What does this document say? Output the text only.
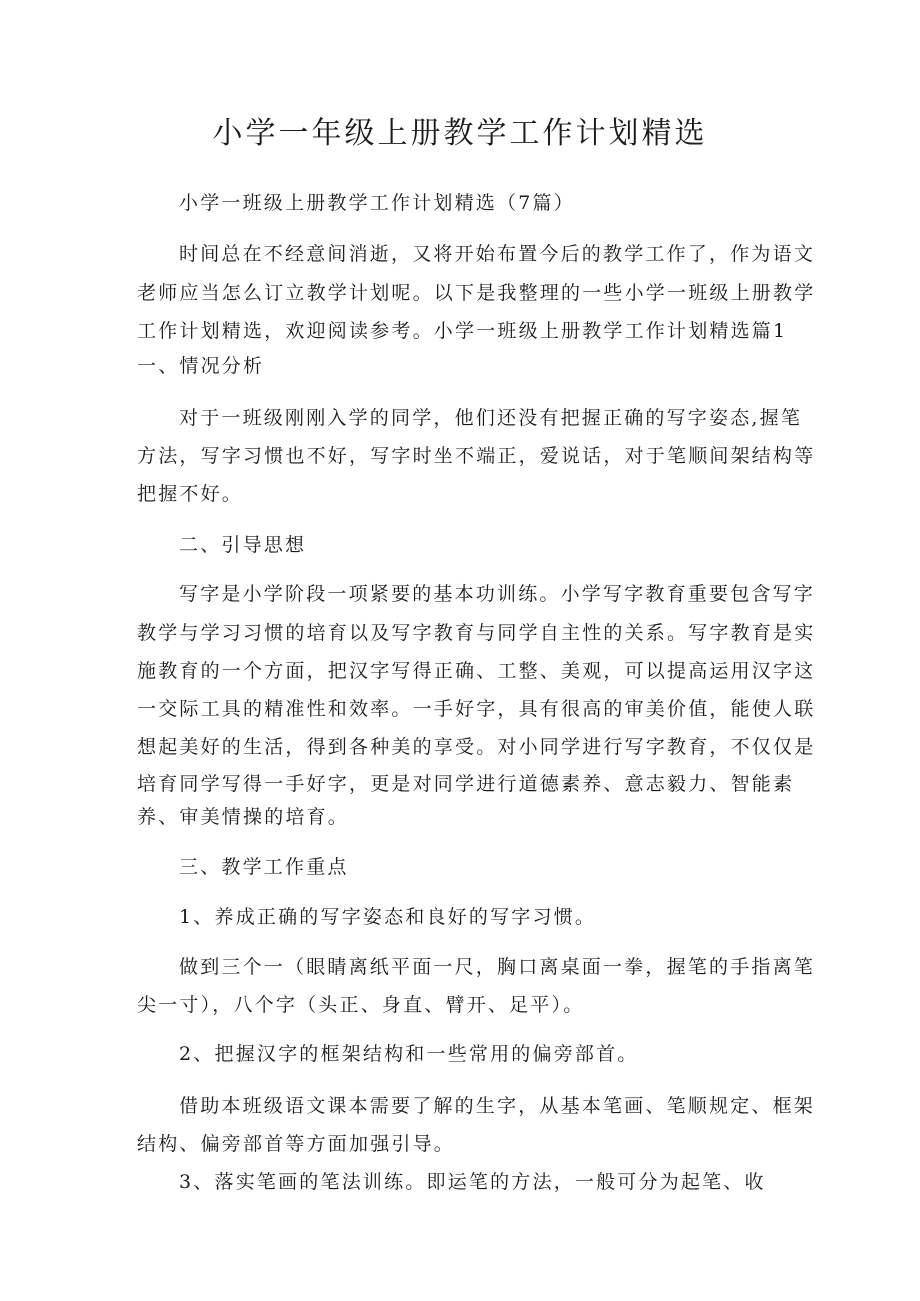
小学一年级上册教学工作计划精选

小学一班级上册教学工作计划精选（7篇）

时间总在不经意间消逝，又将开始布置今后的教学工作了，作为语文

老师应当怎么订立教学计划呢。以下是我整理的一些小学一班级上册教学

工作计划精选，欢迎阅读参考。小学一班级上册教学工作计划精选篇1

一、情况分析

对于一班级刚刚入学的同学，他们还没有把握正确的写字姿态,握笔

方法，写字习惯也不好，写字时坐不端正，爱说话，对于笔顺间架结构等

把握不好。

二、引导思想

写字是小学阶段一项紧要的基本功训练。小学写字教育重要包含写字

教学与学习习惯的培育以及写字教育与同学自主性的关系。写字教育是实

施教育的一个方面，把汉字写得正确、工整、美观，可以提高运用汉字这

一交际工具的精准性和效率。一手好字，具有很高的审美价值，能使人联

想起美好的生活，得到各种美的享受。对小同学进行写字教育，不仅仅是

培育同学写得一手好字，更是对同学进行道德素养、意志毅力、智能素

养、审美情操的培育。

三、教学工作重点

1、养成正确的写字姿态和良好的写字习惯。

做到三个一（眼睛离纸平面一尺，胸口离桌面一拳，握笔的手指离笔

尖一寸），八个字（头正、身直、臂开、足平）。

2、把握汉字的框架结构和一些常用的偏旁部首。

借助本班级语文课本需要了解的生字，从基本笔画、笔顺规定、框架

结构、偏旁部首等方面加强引导。

3、落实笔画的笔法训练。即运笔的方法，一般可分为起笔、收
